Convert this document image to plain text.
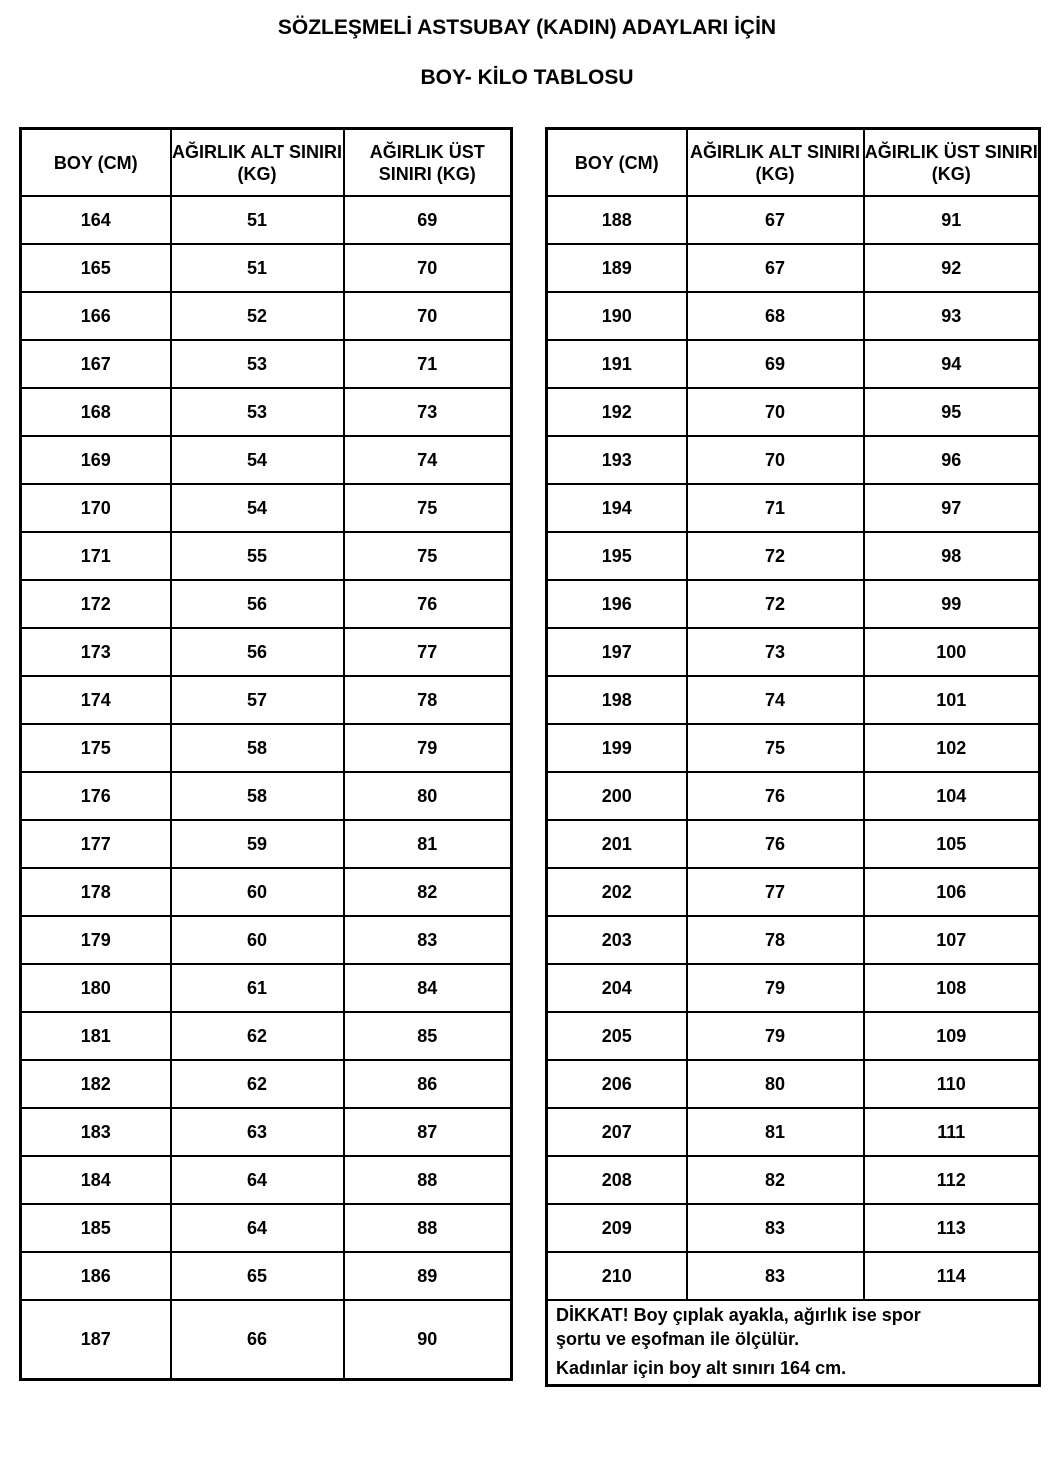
SÖZLEŞMELİ ASTSUBAY (KADIN) ADAYLARI İÇİN
BOY- KİLO TABLOSU
BOY (CM)	AĞIRLIK ALT SINIRI (KG)	AĞIRLIK ÜST SINIRI (KG)
164	51	69
165	51	70
166	52	70
167	53	71
168	53	73
169	54	74
170	54	75
171	55	75
172	56	76
173	56	77
174	57	78
175	58	79
176	58	80
177	59	81
178	60	82
179	60	83
180	61	84
181	62	85
182	62	86
183	63	87
184	64	88
185	64	88
186	65	89
187	66	90
BOY (CM)	AĞIRLIK ALT SINIRI (KG)	AĞIRLIK ÜST SINIRI (KG)
188	67	91
189	67	92
190	68	93
191	69	94
192	70	95
193	70	96
194	71	97
195	72	98
196	72	99
197	73	100
198	74	101
199	75	102
200	76	104
201	76	105
202	77	106
203	78	107
204	79	108
205	79	109
206	80	110
207	81	111
208	82	112
209	83	113
210	83	114

DİKKAT! Boy çıplak ayakla, ağırlık ise spor
şortu ve eşofman ile ölçülür.
Kadınlar için boy alt sınırı 164 cm.		
